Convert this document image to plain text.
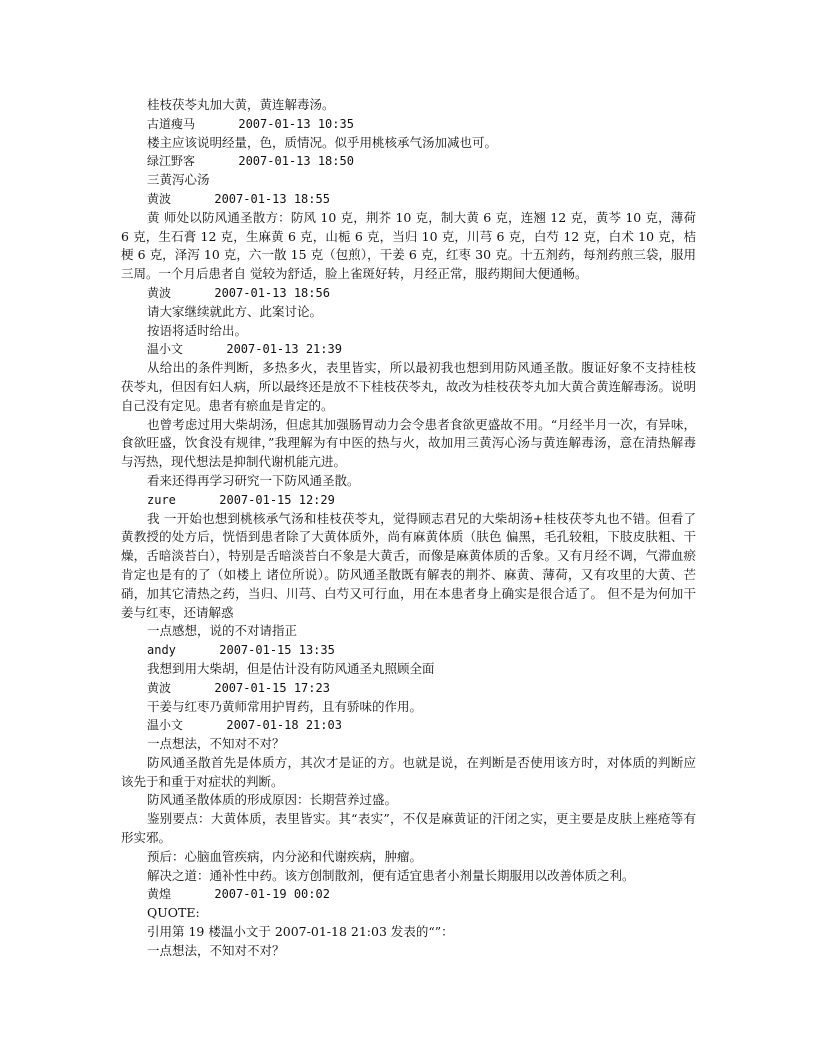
桂枝茯苓丸加大黄，黄连解毒汤。

古道瘦马      2007-01-13 10:35

楼主应该说明经量，色，质情况。似乎用桃核承气汤加减也可。

绿江野客      2007-01-13 18:50

三黄泻心汤

黄波      2007-01-13 18:55

黄 师处以防风通圣散方：防风 10 克，荆芥 10 克，制大黄 6 克，连翘 12 克，黄芩 10 克，薄荷 6 克，生石膏 12 克，生麻黄 6 克，山栀 6 克，当归 10 克，川芎 6 克，白芍 12 克，白术 10 克，桔梗 6 克，泽泻 10 克，六一散 15 克（包煎），干姜 6 克，红枣 30 克。十五剂药，每剂药煎三袋，服用三周。一个月后患者自 觉较为舒适，脸上雀斑好转，月经正常，服药期间大便通畅。

黄波      2007-01-13 18:56

请大家继续就此方、此案讨论。

按语将适时给出。

温小文      2007-01-13 21:39

从给出的条件判断，多热多火，表里皆实，所以最初我也想到用防风通圣散。腹证好象不支持桂枝茯苓丸，但因有妇人病，所以最终还是放不下桂枝茯苓丸，故改为桂枝茯苓丸加大黄合黄连解毒汤。说明自己没有定见。患者有瘀血是肯定的。

也曾考虑过用大柴胡汤，但虑其加强肠胃动力会令患者食欲更盛故不用。“月经半月一次，有异味，食欲旺盛，饮食没有规律，”我理解为有中医的热与火，故加用三黄泻心汤与黄连解毒汤，意在清热解毒与泻热，现代想法是抑制代谢机能亢进。

看来还得再学习研究一下防风通圣散。

zure      2007-01-15 12:29

我 一开始也想到桃核承气汤和桂枝茯苓丸，觉得顾志君兄的大柴胡汤+桂枝茯苓丸也不错。但看了黄教授的处方后，恍悟到患者除了大黄体质外，尚有麻黄体质（肤色 偏黑，毛孔较粗，下肢皮肤粗、干燥，舌暗淡苔白），特别是舌暗淡苔白不象是大黄舌，而像是麻黄体质的舌象。又有月经不调，气滞血瘀肯定也是有的了（如楼上 诸位所说）。防风通圣散既有解表的荆芥、麻黄、薄荷，又有攻里的大黄、芒硝，加其它清热之药，当归、川芎、白芍又可行血，用在本患者身上确实是很合适了。 但不是为何加干姜与红枣，还请解惑

一点感想，说的不对请指正

andy      2007-01-15 13:35

我想到用大柴胡，但是估计没有防风通圣丸照顾全面

黄波      2007-01-15 17:23

干姜与红枣乃黄师常用护胃药，且有骄味的作用。

温小文      2007-01-18 21:03

一点想法，不知对不对？

防风通圣散首先是体质方，其次才是证的方。也就是说，在判断是否使用该方时，对体质的判断应该先于和重于对症状的判断。

防风通圣散体质的形成原因：长期营养过盛。

鉴别要点：大黄体质，表里皆实。其“表实”，不仅是麻黄证的汗闭之实，更主要是皮肤上痤疮等有形实邪。

预后：心脑血管疾病，内分泌和代谢疾病，肿瘤。

解决之道：通补性中药。该方创制散剂，便有适宜患者小剂量长期服用以改善体质之利。

黄煌      2007-01-19 00:02

QUOTE:

引用第 19 楼温小文于 2007-01-18 21:03 发表的“”：

一点想法，不知对不对？
